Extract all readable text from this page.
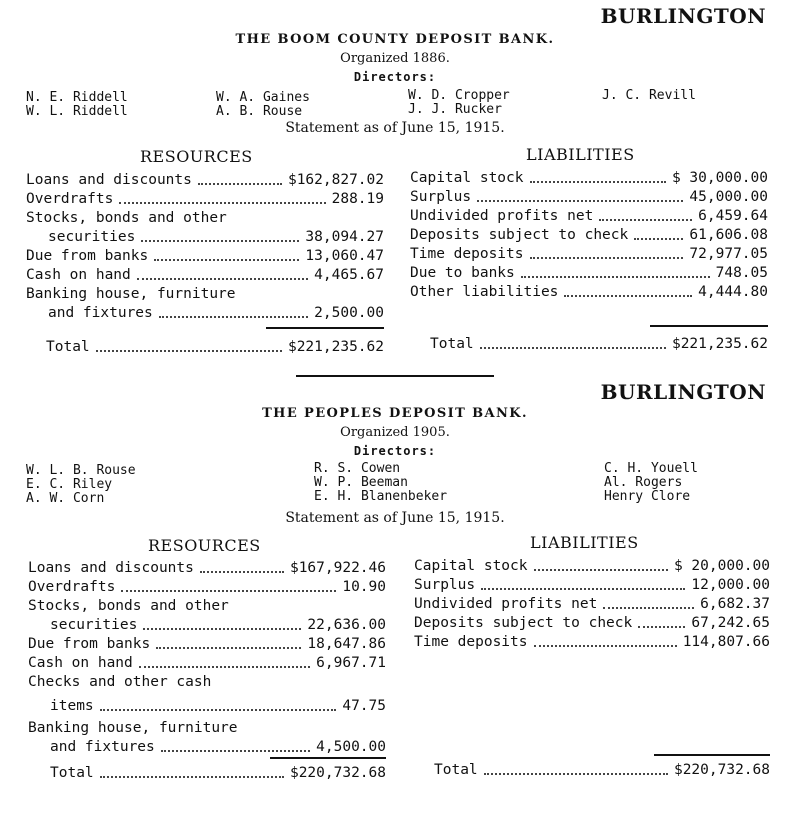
BURLINGTON
THE BOOM COUNTY DEPOSIT BANK.

Organized 1886.

Directors:

N. E. Riddell	W. A. Gaines	W. D. Cropper	J. C. Revill
W. L. Riddell	A. B. Rouse	J. J. Rucker

Statement as of June 15, 1915.

RESOURCES	LIABILITIES
Loans and discounts	$162,827.02
Overdrafts	288.19
Stocks, bonds and other
securities	38,094.27
Due from banks	13,060.47
Cash on hand	4,465.67
Banking house, furniture
and fixtures	2,500.00
Capital stock	$ 30,000.00
Surplus	45,000.00
Undivided profits net	6,459.64
Deposits subject to check	61,606.08
Time deposits	72,977.05
Due to banks	748.05
Other liabilities	4,444.80
Total	$221,235.62	Total	$221,235.62
BURLINGTON
THE PEOPLES DEPOSIT BANK.

Organized 1905.

Directors:

W. L. B. Rouse	R. S. Cowen	C. H. Youell
E. C. Riley	W. P. Beeman	Al. Rogers
A. W. Corn	E. H. Blanenbeker	Henry Clore

Statement as of June 15, 1915.

RESOURCES	LIABILITIES
Loans and discounts	$167,922.46
Overdrafts	10.90
Stocks, bonds and other
securities	22,636.00
Due from banks	18,647.86
Cash on hand	6,967.71
Checks and other cash
items	47.75
Banking house, furniture
and fixtures	4,500.00
Capital stock	$ 20,000.00
Surplus	12,000.00
Undivided profits net	6,682.37
Deposits subject to check	67,242.65
Time deposits	114,807.66
Total	$220,732.68	Total	$220,732.68
